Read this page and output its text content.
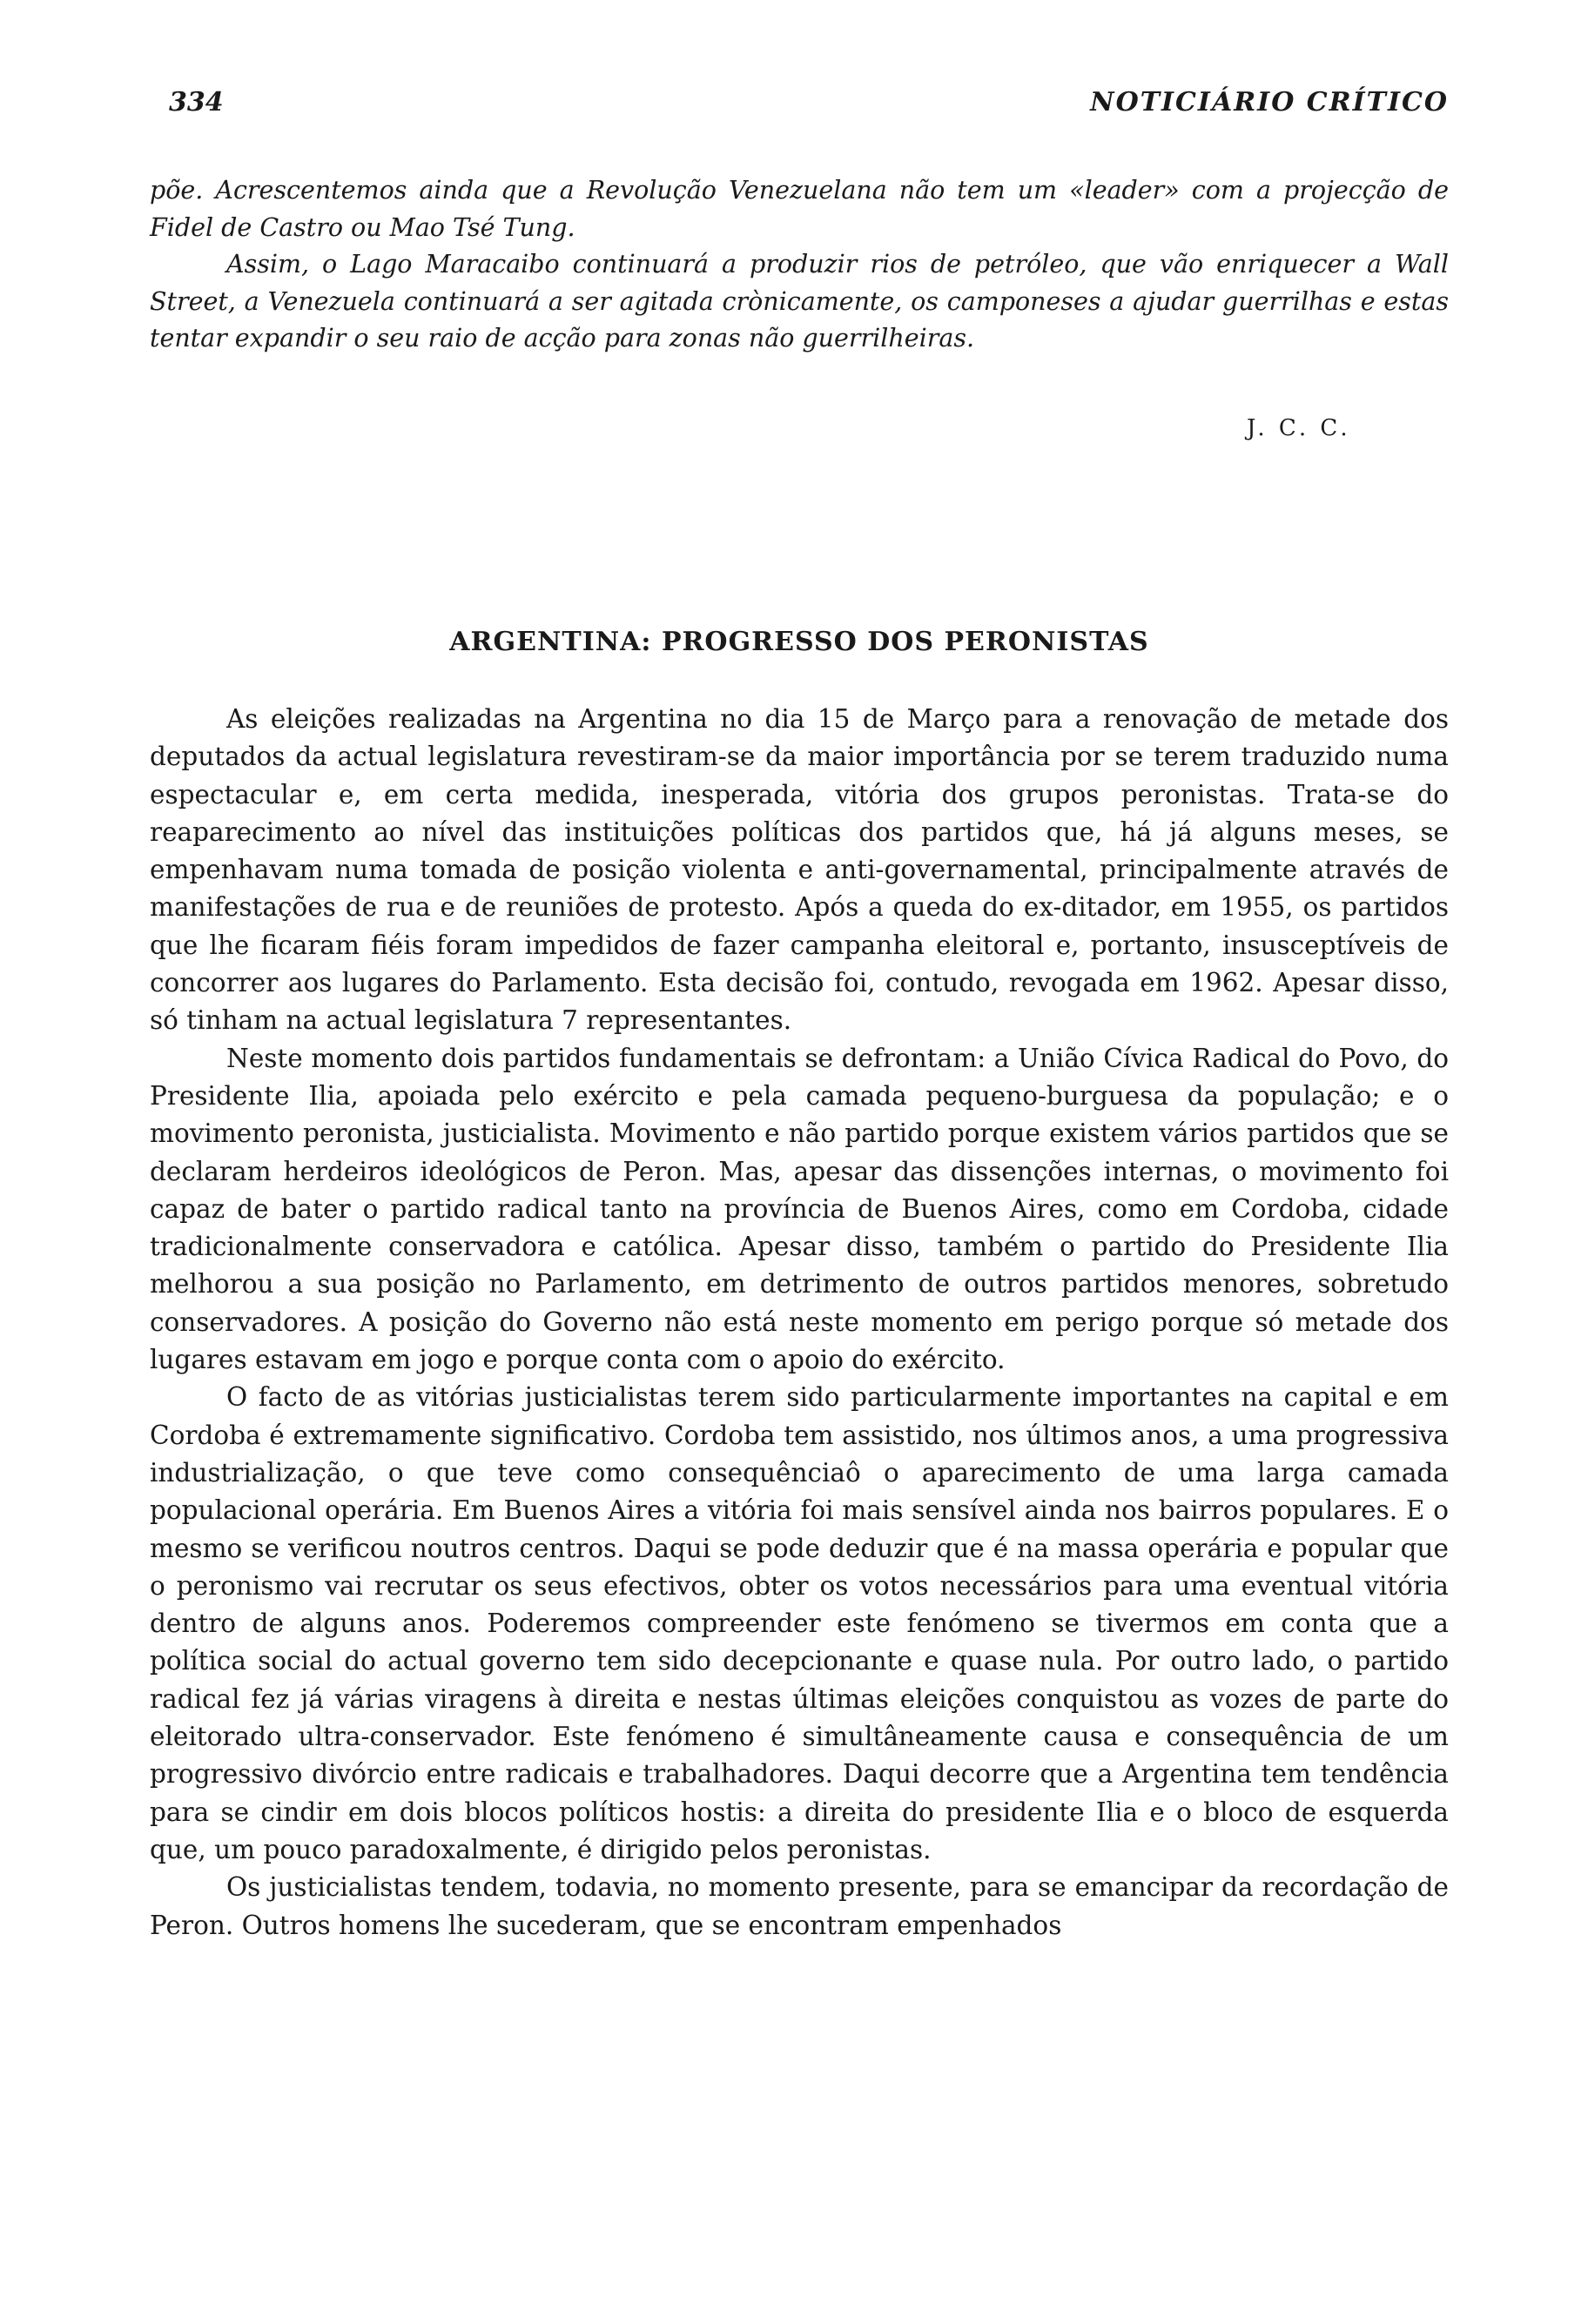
334	NOTICIÁRIO CRÍTICO

põe. Acrescentemos ainda que a Revolução Venezuelana não tem um «leader» com a projecção de Fidel de Castro ou Mao Tsé Tung.

Assim, o Lago Maracaibo continuará a produzir rios de petróleo, que vão enriquecer a Wall Street, a Venezuela continuará a ser agitada crònicamente, os camponeses a ajudar guerrilhas e estas tentar expandir o seu raio de acção para zonas não guerrilheiras.

J. C. C.
ARGENTINA: PROGRESSO DOS PERONISTAS

As eleições realizadas na Argentina no dia 15 de Março para a renovação de metade dos deputados da actual legislatura revestiram-se da maior importância por se terem traduzido numa espectacular e, em certa medida, inesperada, vitória dos grupos peronistas. Trata-se do reaparecimento ao nível das instituições políticas dos partidos que, há já alguns meses, se empenhavam numa tomada de posição violenta e anti-governamental, principalmente através de manifestações de rua e de reuniões de protesto. Após a queda do ex-ditador, em 1955, os partidos que lhe ficaram fiéis foram impedidos de fazer campanha eleitoral e, portanto, insusceptíveis de concorrer aos lugares do Parlamento. Esta decisão foi, contudo, revogada em 1962. Apesar disso, só tinham na actual legislatura 7 representantes.

Neste momento dois partidos fundamentais se defrontam: a União Cívica Radical do Povo, do Presidente Ilia, apoiada pelo exército e pela camada pequeno-burguesa da população; e o movimento peronista, justicialista. Movimento e não partido porque existem vários partidos que se declaram herdeiros ideológicos de Peron. Mas, apesar das dissenções internas, o movimento foi capaz de bater o partido radical tanto na província de Buenos Aires, como em Cordoba, cidade tradicionalmente conservadora e católica. Apesar disso, também o partido do Presidente Ilia melhorou a sua posição no Parlamento, em detrimento de outros partidos menores, sobretudo conservadores. A posição do Governo não está neste momento em perigo porque só metade dos lugares estavam em jogo e porque conta com o apoio do exército.

O facto de as vitórias justicialistas terem sido particularmente importantes na capital e em Cordoba é extremamente significativo. Cordoba tem assistido, nos últimos anos, a uma progressiva industrialização, o que teve como consequênciaô o aparecimento de uma larga camada populacional operária. Em Buenos Aires a vitória foi mais sensível ainda nos bairros populares. E o mesmo se verificou noutros centros. Daqui se pode deduzir que é na massa operária e popular que o peronismo vai recrutar os seus efectivos, obter os votos necessários para uma eventual vitória dentro de alguns anos. Poderemos compreender este fenómeno se tivermos em conta que a política social do actual governo tem sido decepcionante e quase nula. Por outro lado, o partido radical fez já várias viragens à direita e nestas últimas eleições conquistou as vozes de parte do eleitorado ultra-conservador. Este fenómeno é simultâneamente causa e consequência de um progressivo divórcio entre radicais e trabalhadores. Daqui decorre que a Argentina tem tendência para se cindir em dois blocos políticos hostis: a direita do presidente Ilia e o bloco de esquerda que, um pouco paradoxalmente, é dirigido pelos peronistas.

Os justicialistas tendem, todavia, no momento presente, para se emancipar da recordação de Peron. Outros homens lhe sucederam, que se encontram empenhados
